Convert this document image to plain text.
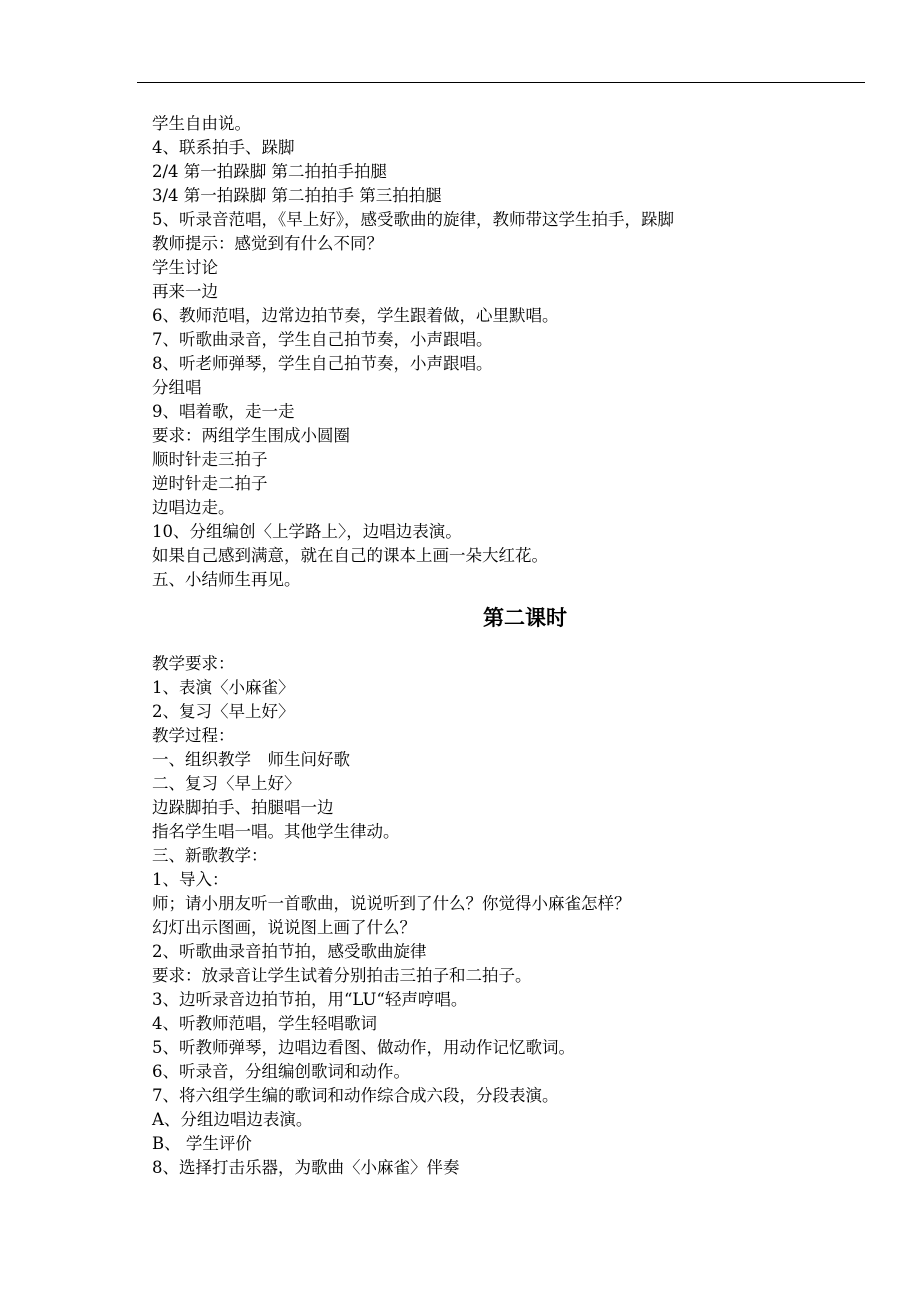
学生自由说。
4、联系拍手、跺脚
2/4 第一拍跺脚 第二拍拍手拍腿
3/4 第一拍跺脚 第二拍拍手 第三拍拍腿
5、听录音范唱，《早上好》，感受歌曲的旋律，教师带这学生拍手，跺脚
教师提示：感觉到有什么不同？
学生讨论
再来一边
6、教师范唱，边常边拍节奏，学生跟着做，心里默唱。
7、听歌曲录音，学生自己拍节奏，小声跟唱。
8、听老师弹琴，学生自己拍节奏，小声跟唱。
分组唱
9、唱着歌，走一走
要求：两组学生围成小圆圈
顺时针走三拍子
逆时针走二拍子
边唱边走。
10、分组编创〈上学路上〉，边唱边表演。
如果自己感到满意，就在自己的课本上画一朵大红花。
五、小结师生再见。
第二课时
教学要求：
1、表演〈小麻雀〉
2、复习〈早上好〉
教学过程：
一、组织教学　师生问好歌
二、复习〈早上好〉
边跺脚拍手、拍腿唱一边
指名学生唱一唱。其他学生律动。
三、新歌教学：
1、导入：
师；请小朋友听一首歌曲，说说听到了什么？你觉得小麻雀怎样？
幻灯出示图画，说说图上画了什么？
2、听歌曲录音拍节拍，感受歌曲旋律
要求：放录音让学生试着分别拍击三拍子和二拍子。
3、边听录音边拍节拍，用“LU“轻声哼唱。
4、听教师范唱，学生轻唱歌词
5、听教师弹琴，边唱边看图、做动作，用动作记忆歌词。
6、听录音，分组编创歌词和动作。
7、将六组学生编的歌词和动作综合成六段，分段表演。
A、分组边唱边表演。
B、 学生评价
8、选择打击乐器，为歌曲〈小麻雀〉伴奏
